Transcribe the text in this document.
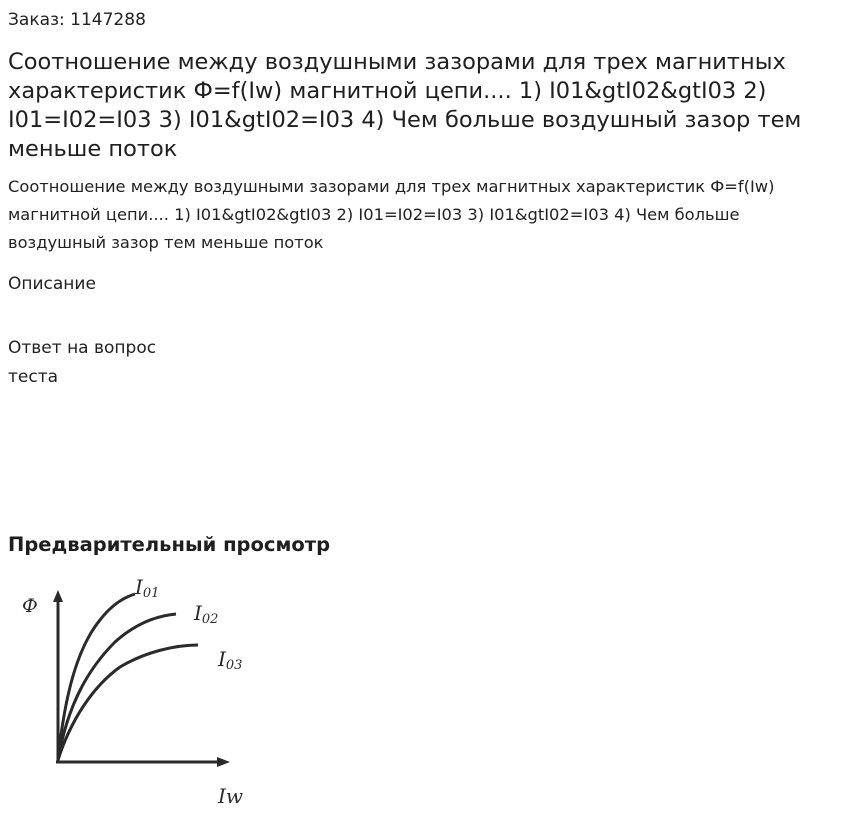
Заказ: 1147288
Соотношение между воздушными зазорами для трех магнитных характеристик Ф=f(Iw) магнитной цепи.... 1) I01&gtI02&gtI03 2) I01=I02=I03 3) I01&gtI02=I03 4) Чем больше воздушный зазор тем меньше поток

Соотношение между воздушными зазорами для трех магнитных характеристик Ф=f(Iw) магнитной цепи.... 1) I01&gtI02&gtI03 2) I01=I02=I03 3) I01&gtI02=I03 4) Чем больше воздушный зазор тем меньше поток

Описание
Ответ на вопрос теста
Предварительный просмотр
Ф
Iw
I01
I02
I03
